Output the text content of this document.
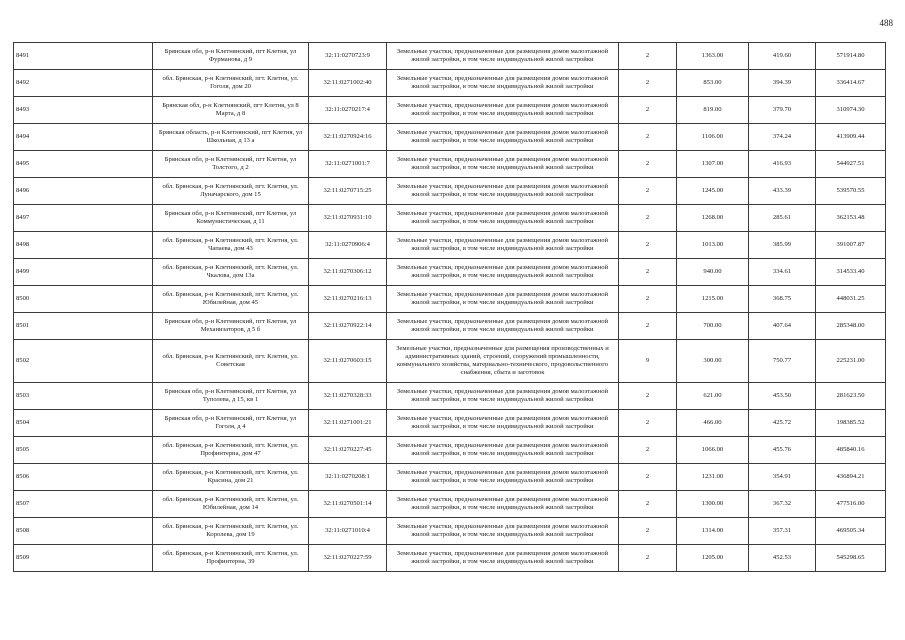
488
8491	Брянская обл, р-н Клетнянский, пгт Клетня, ул Фурманова, д 9	32:11:0270723:9	Земельные участки, предназначенные для размещения домов малоэтажной жилой застройки, в том числе индивидуальной жилой застройки	2	1363.00	419.60	571914.80
8492	обл. Брянская, р-н Клетнянский, пгт. Клетня, ул. Гоголя, дом 20	32:11:0271002:40	Земельные участки, предназначенные для размещения домов малоэтажной жилой застройки, в том числе индивидуальной жилой застройки	2	853.00	394.39	336414.67
8493	Брянская обл, р-н Клетнянский, пгт Клетня, ул 8 Марта, д 8	32:11:0270217:4	Земельные участки, предназначенные для размещения домов малоэтажной жилой застройки, в том числе индивидуальной жилой застройки	2	819.00	379.70	310974.30
8494	Брянская область, р-н Клетнянский, пгт Клетня, ул Школьная, д 13 а	32:11:0270924:16	Земельные участки, предназначенные для размещения домов малоэтажной жилой застройки, в том числе индивидуальной жилой застройки	2	1106.00	374.24	413909.44
8495	Брянская обл, р-н Клетнянский, пгт Клетня, ул Толстого, д 2	32:11:0271001:7	Земельные участки, предназначенные для размещения домов малоэтажной жилой застройки, в том числе индивидуальной жилой застройки	2	1307.00	416.93	544927.51
8496	обл. Брянская, р-н Клетнянский, пгт. Клетня, ул. Луначарского, дом 15	32:11:0270715:25	Земельные участки, предназначенные для размещения домов малоэтажной жилой застройки, в том числе индивидуальной жилой застройки	2	1245.00	433.39	539570.55
8497	Брянская обл, р-н Клетнянский, пгт Клетня, ул Коммунистическая, д 11	32:11:0270931:10	Земельные участки, предназначенные для размещения домов малоэтажной жилой застройки, в том числе индивидуальной жилой застройки	2	1268.00	285.61	362153.48
8498	обл. Брянская, р-н Клетнянский, пгт. Клетня, ул. Чапаева, дом 43	32:11:0270906:4	Земельные участки, предназначенные для размещения домов малоэтажной жилой застройки, в том числе индивидуальной жилой застройки	2	1013.00	385.99	391007.87
8499	обл. Брянская, р-н Клетнянский, пгт. Клетня, ул. Чкалова, дом 13а	32:11:0270306:12	Земельные участки, предназначенные для размещения домов малоэтажной жилой застройки, в том числе индивидуальной жилой застройки	2	940.00	334.61	314533.40
8500	обл. Брянская, р-н Клетнянский, пгт. Клетня, ул. Юбилейная, дом 45	32:11:0270216:13	Земельные участки, предназначенные для размещения домов малоэтажной жилой застройки, в том числе индивидуальной жилой застройки	2	1215.00	368.75	448031.25
8501	Брянская обл, р-н Клетнянский, пгт Клетня, ул Механизаторов, д 5 б	32:11:0270922:14	Земельные участки, предназначенные для размещения домов малоэтажной жилой застройки, в том числе индивидуальной жилой застройки	2	700.00	407.64	285348.00
8502	обл. Брянская, р-н Клетнянский, пгт. Клетня, ул. Советская	32:11:0270603:15	Земельные участки, предназначенные для размещения производственных и административных зданий, строений, сооружений промышленности, коммунального хозяйства, материально-технического, продовольственного снабжения, сбыта и заготовок	9	300.00	750.77	225231.00
8503	Брянская обл, р-н Клетнянский, пгт Клетня, ул Туполева, д 15, кв 1	32:11:0270328:33	Земельные участки, предназначенные для размещения домов малоэтажной жилой застройки, в том числе индивидуальной жилой застройки	2	621.00	453.50	281623.50
8504	Брянская обл, р-н Клетнянский, пгт Клетня, ул Гоголя, д 4	32:11:0271001:21	Земельные участки, предназначенные для размещения домов малоэтажной жилой застройки, в том числе индивидуальной жилой застройки	2	466.00	425.72	198385.52
8505	обл. Брянская, р-н Клетнянский, пгт. Клетня, ул. Профинтерна, дом 47	32:11:0270227:45	Земельные участки, предназначенные для размещения домов малоэтажной жилой застройки, в том числе индивидуальной жилой застройки	2	1066.00	455.76	485840.16
8506	обл. Брянская, р-н Клетнянский, пгт. Клетня, ул. Красина, дом 21	32:11:0270208:1	Земельные участки, предназначенные для размещения домов малоэтажной жилой застройки, в том числе индивидуальной жилой застройки	2	1231.00	354.91	436894.21
8507	обл. Брянская, р-н Клетнянский, пгт. Клетня, ул. Юбилейная, дом 14	32:11:0270501:14	Земельные участки, предназначенные для размещения домов малоэтажной жилой застройки, в том числе индивидуальной жилой застройки	2	1300.00	367.32	477516.00
8508	обл. Брянская, р-н Клетнянский, пгт. Клетня, ул. Королева, дом 19	32:11:0271010:4	Земельные участки, предназначенные для размещения домов малоэтажной жилой застройки, в том числе индивидуальной жилой застройки	2	1314.00	357.31	469505.34
8509	обл. Брянская, р-н Клетнянский, пгт. Клетня, ул. Профинтерна, 39	32:11:0270227:59	Земельные участки, предназначенные для размещения домов малоэтажной жилой застройки, в том числе индивидуальной жилой застройки	2	1205.00	452.53	545298.65
